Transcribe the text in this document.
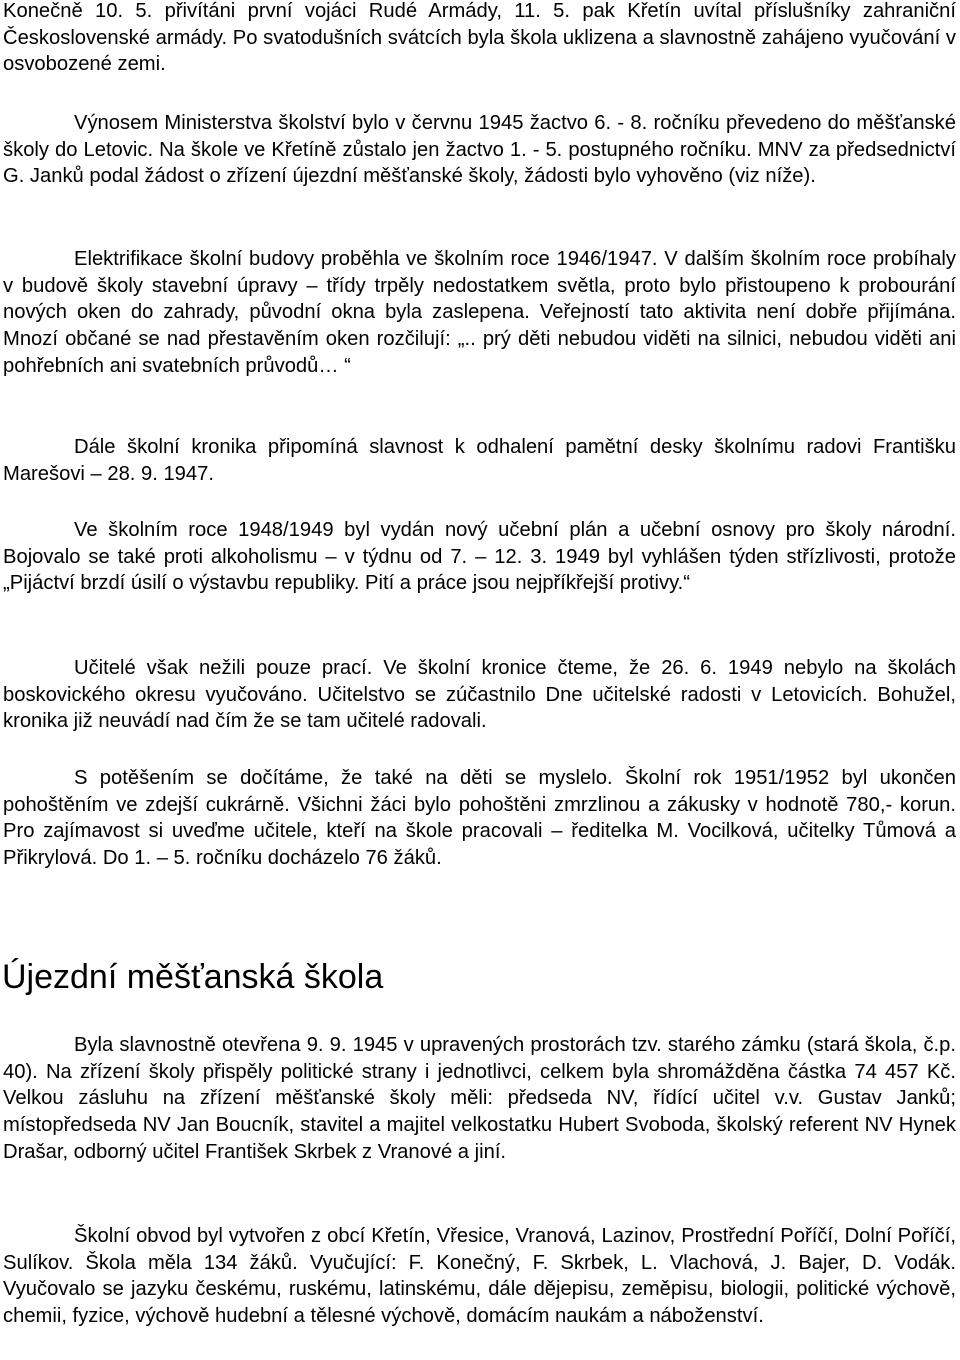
Konečně 10. 5. přivítáni první vojáci Rudé Armády, 11. 5. pak Křetín uvítal příslušníky zahraniční Československé armády. Po svatodušních svátcích byla škola uklizena a slavnostně zahájeno vyučování v osvobozené zemi.

Výnosem Ministerstva školství bylo v červnu 1945 žactvo 6. - 8. ročníku převedeno do měšťanské školy do Letovic. Na škole ve Křetíně zůstalo jen žactvo 1. - 5. postupného ročníku. MNV za předsednictví G. Janků podal žádost o zřízení újezdní měšťanské školy, žádosti bylo vyhověno (viz níže).

Elektrifikace školní budovy proběhla ve školním roce 1946/1947. V dalším školním roce probíhaly v budově školy stavební úpravy – třídy trpěly nedostatkem světla, proto bylo přistoupeno k probourání nových oken do zahrady, původní okna byla zaslepena. Veřejností tato aktivita není dobře přijímána. Mnozí občané se nad přestavěním oken rozčilují: „.. prý děti nebudou viděti na silnici, nebudou viděti ani pohřebních ani svatebních průvodů… “

Dále školní kronika připomíná slavnost k odhalení pamětní desky školnímu radovi Františku Marešovi – 28. 9. 1947.

Ve školním roce 1948/1949 byl vydán nový učební plán a učební osnovy pro školy národní. Bojovalo se také proti alkoholismu – v týdnu od 7. – 12. 3. 1949 byl vyhlášen týden střízlivosti, protože „Pijáctví brzdí úsilí o výstavbu republiky. Pití a práce jsou nejpříkřejší protivy.“

Učitelé však nežili pouze prací. Ve školní kronice čteme, že 26. 6. 1949 nebylo na školách boskovického okresu vyučováno. Učitelstvo se zúčastnilo Dne učitelské radosti v Letovicích. Bohužel, kronika již neuvádí nad čím že se tam učitelé radovali.

S potěšením se dočítáme, že také na děti se myslelo. Školní rok 1951/1952 byl ukončen pohoštěním ve zdejší cukrárně. Všichni žáci bylo pohoštěni zmrzlinou a zákusky v hodnotě 780,- korun. Pro zajímavost si uveďme učitele, kteří na škole pracovali – ředitelka M. Vocilková, učitelky Tůmová a Přikrylová. Do 1. – 5. ročníku docházelo 76 žáků.

Újezdní měšťanská škola

Byla slavnostně otevřena 9. 9. 1945 v upravených prostorách tzv. starého zámku (stará škola, č.p. 40). Na zřízení školy přispěly politické strany i jednotlivci, celkem byla shromážděna částka 74 457 Kč. Velkou zásluhu na zřízení měšťanské školy měli: předseda NV, řídící učitel v.v. Gustav Janků; místopředseda NV Jan Boucník, stavitel a majitel velkostatku Hubert Svoboda, školský referent NV Hynek Drašar, odborný učitel František Skrbek z Vranové a jiní.

Školní obvod byl vytvořen z obcí Křetín, Vřesice, Vranová, Lazinov, Prostřední Poříčí, Dolní Poříčí, Sulíkov. Škola měla 134 žáků. Vyučující: F. Konečný, F. Skrbek, L. Vlachová, J. Bajer, D. Vodák. Vyučovalo se jazyku českému, ruskému, latinskému, dále dějepisu, zeměpisu, biologii, politické výchově, chemii, fyzice, výchově hudební a tělesné výchově, domácím naukám a náboženství.
